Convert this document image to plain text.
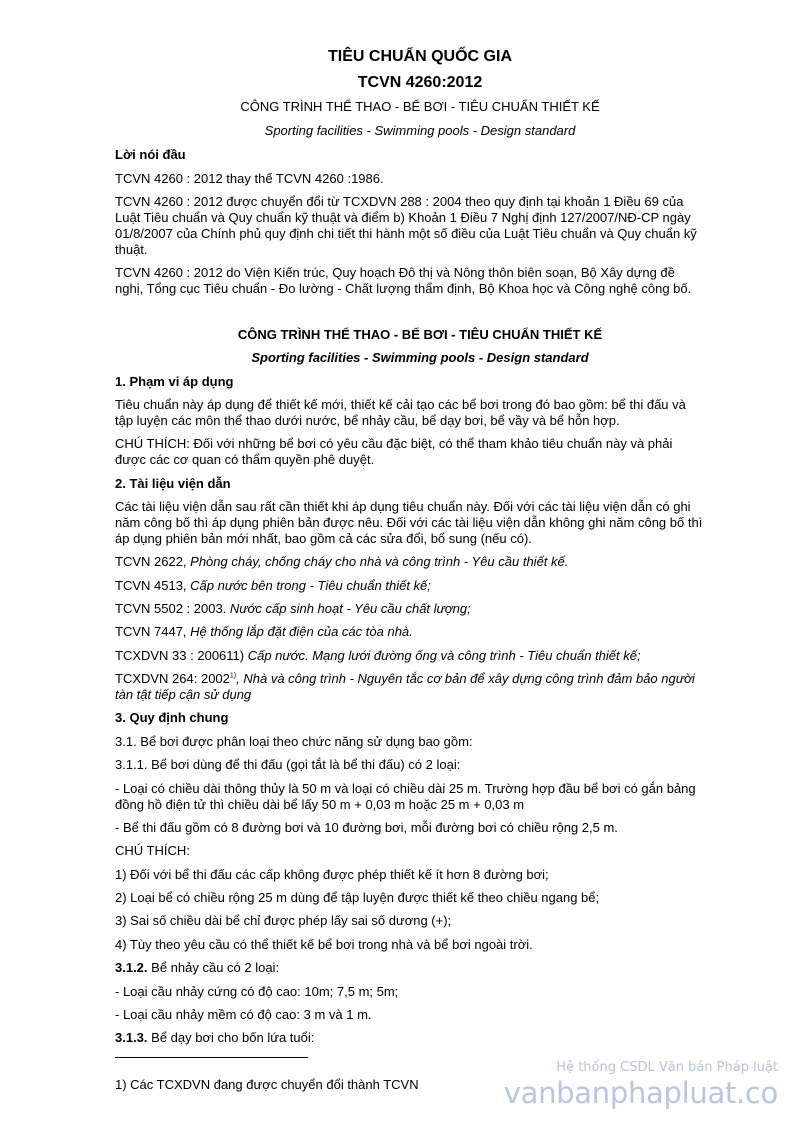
TIÊU CHUẨN QUỐC GIA
TCVN 4260:2012
CÔNG TRÌNH THỂ THAO - BỂ BƠI - TIÊU CHUẨN THIẾT KẾ
Sporting facilities - Swimming pools - Design standard
Lời nói đầu
TCVN 4260 : 2012 thay thế TCVN 4260 :1986.
TCVN 4260 : 2012 được chuyển đổi từ TCXDVN 288 : 2004 theo quy định tại khoản 1 Điều 69 của
Luật Tiêu chuẩn và Quy chuẩn kỹ thuật và điểm b) Khoản 1 Điều 7 Nghị định 127/2007/NĐ-CP ngày
01/8/2007 của Chính phủ quy định chi tiết thi hành một số điều của Luật Tiêu chuẩn và Quy chuẩn kỹ
thuật.
TCVN 4260 : 2012 do Viện Kiến trúc, Quy hoạch Đô thị và Nông thôn biên soạn, Bộ Xây dựng đề
nghị, Tổng cục Tiêu chuẩn - Đo lường - Chất lượng thẩm định, Bộ Khoa học và Công nghệ công bố.
CÔNG TRÌNH THỂ THAO - BỂ BƠI - TIÊU CHUẨN THIẾT KẾ
Sporting facilities - Swimming pools - Design standard
1. Phạm vi áp dụng
Tiêu chuẩn này áp dụng để thiết kế mới, thiết kế cải tạo các bể bơi trong đó bao gồm: bể thi đấu và
tập luyện các môn thể thao dưới nước, bể nhảy cầu, bể dạy bơi, bể vầy và bể hỗn hợp.
CHÚ THÍCH: Đối với những bể bơi có yêu cầu đặc biệt, có thể tham khảo tiêu chuẩn này và phải
được các cơ quan có thẩm quyền phê duyệt.
2. Tài liệu viện dẫn
Các tài liệu viện dẫn sau rất cần thiết khi áp dụng tiêu chuẩn này. Đối với các tài liệu viện dẫn có ghi
năm công bố thì áp dụng phiên bản được nêu. Đối với các tài liệu viện dẫn không ghi năm công bố thì
áp dụng phiên bản mới nhất, bao gồm cả các sửa đổi, bổ sung (nếu có).
TCVN 2622, Phòng cháy, chống cháy cho nhà và công trình - Yêu cầu thiết kế.
TCVN 4513, Cấp nước bên trong - Tiêu chuẩn thiết kế;
TCVN 5502 : 2003. Nước cấp sinh hoạt - Yêu cầu chất lượng;
TCVN 7447, Hệ thống lắp đặt điện của các tòa nhà.
TCXDVN 33 : 200611) Cấp nước. Mạng lưới đường ống và công trình - Tiêu chuẩn thiết kế;
TCXDVN 264: 2002$^{1)}$, Nhà và công trình - Nguyên tắc cơ bản để xây dựng công trình đảm bảo người
tàn tật tiếp cận sử dụng
3. Quy định chung
3.1. Bể bơi được phân loại theo chức năng sử dụng bao gồm:
3.1.1. Bể bơi dùng để thi đấu (gọi tắt là bể thi đấu) có 2 loại:
- Loại có chiều dài thông thủy là 50 m và loại có chiều dài 25 m. Trường hợp đầu bể bơi có gắn bảng
đồng hồ điện tử thì chiều dài bể lấy 50 m + 0,03 m hoặc 25 m + 0,03 m
- Bể thi đấu gồm có 8 đường bơi và 10 đường bơi, mỗi đường bơi có chiều rộng 2,5 m.
CHÚ THÍCH:
1) Đối với bể thi đấu các cấp không được phép thiết kế ít hơn 8 đường bơi;
2) Loại bể có chiều rộng 25 m dùng để tập luyện được thiết kế theo chiều ngang bể;
3) Sai số chiều dài bể chỉ được phép lấy sai số dương (+);
4) Tùy theo yêu cầu có thể thiết kế bể bơi trong nhà và bể bơi ngoài trời.
3.1.2. Bể nhảy cầu có 2 loại:
- Loại cầu nhảy cứng có độ cao: 10m; 7,5 m; 5m;
- Loại cầu nhảy mềm có độ cao: 3 m và 1 m.
3.1.3. Bể dạy bơi cho bốn lứa tuổi:
1) Các TCXDVN đang được chuyển đổi thành TCVN
Hệ thống CSDL Văn bản Pháp luật
vanbanphapluat.co
